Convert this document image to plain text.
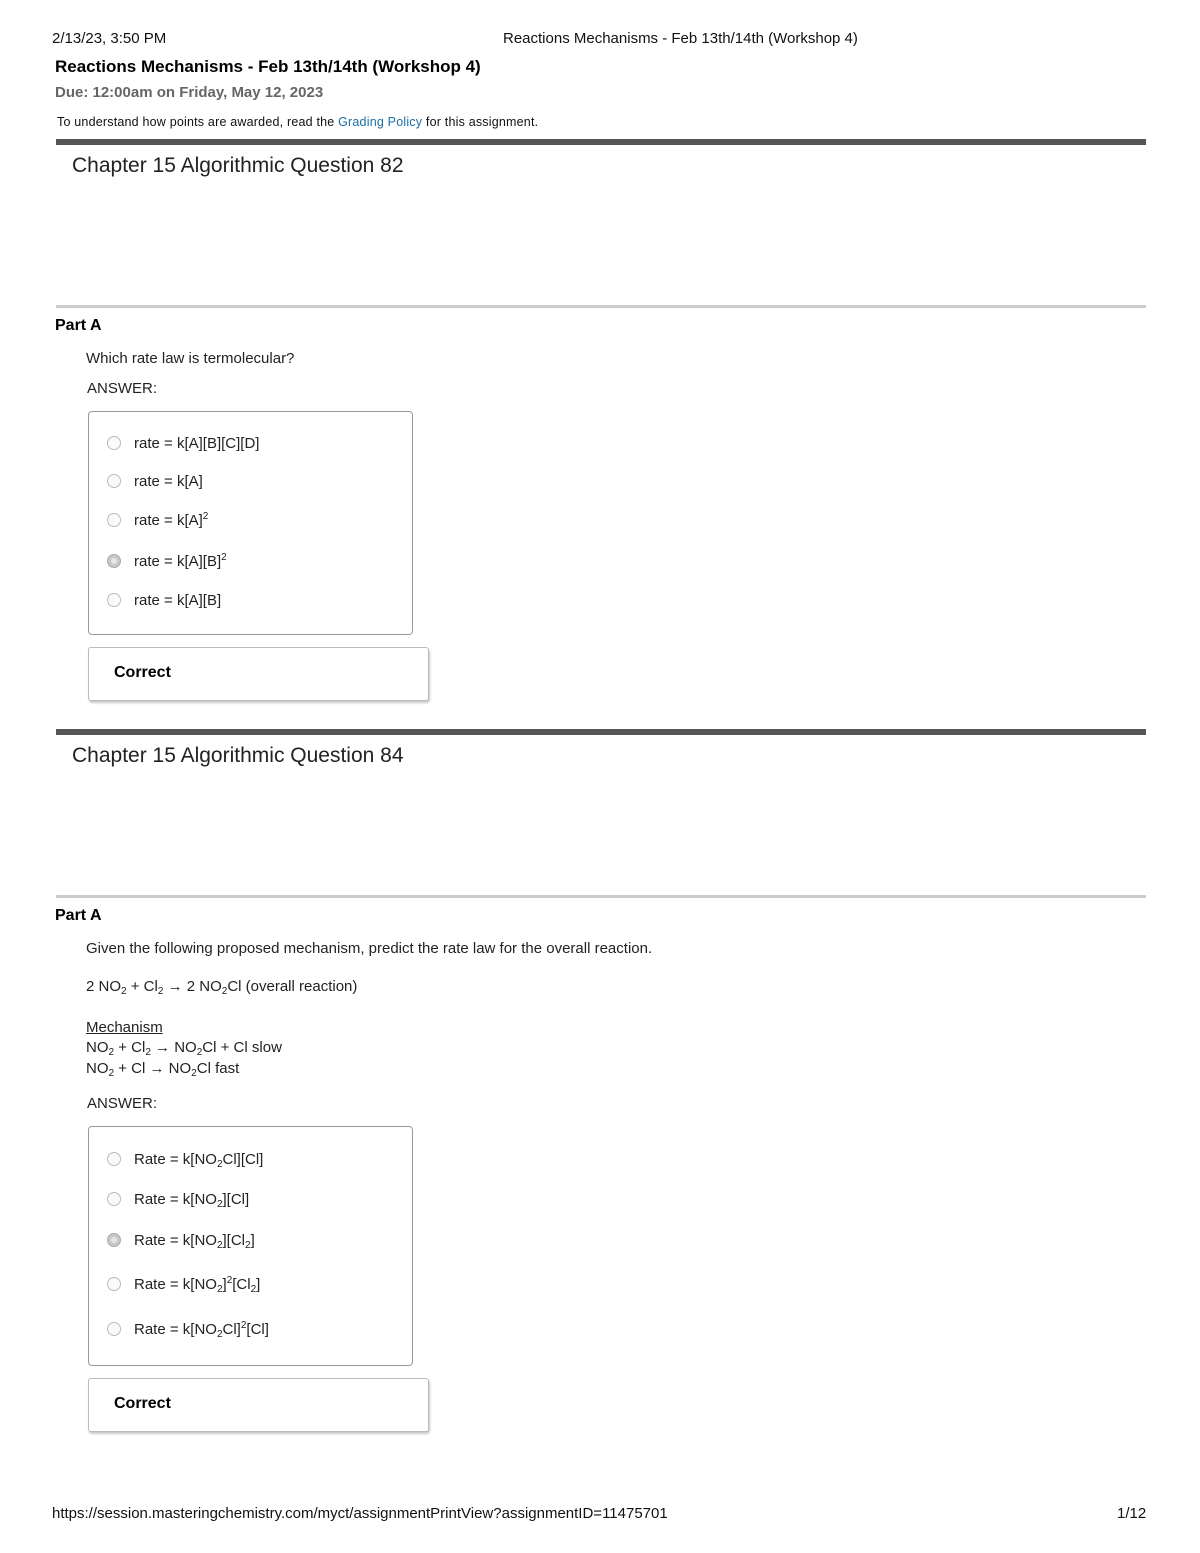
2/13/23, 3:50 PM	Reactions Mechanisms - Feb 13th/14th (Workshop 4)
Reactions Mechanisms - Feb 13th/14th (Workshop 4)
Due: 12:00am on Friday, May 12, 2023
To understand how points are awarded, read the Grading Policy for this assignment.
Chapter 15 Algorithmic Question 82
Part A
Which rate law is termolecular?
ANSWER:
rate = k[A][B][C][D]
rate = k[A]
rate = $k[A]^2$
rate = $k[A][B]^2$
rate = k[A][B]
Correct
Chapter 15 Algorithmic Question 84
Part A
Given the following proposed mechanism, predict the rate law for the overall reaction.
2 $NO_2 + Cl_2 \to 2$ $NO_2Cl$ (overall reaction)
Mechanism
$NO_2 + Cl_2 \to NO_2Cl + Cl$ slow
$NO_2 + Cl \to NO_2Cl$ fast
ANSWER:
Rate = $k[NO_2Cl][Cl]$
Rate = $k[NO_2][Cl]$
Rate = $k[NO_2][Cl_2]$
Rate = $k[NO_2]^2[Cl_2]$
Rate = $k[NO_2Cl]^2[Cl]$
Correct
https://session.masteringchemistry.com/myct/assignmentPrintView?assignmentID=11475701	1/12
